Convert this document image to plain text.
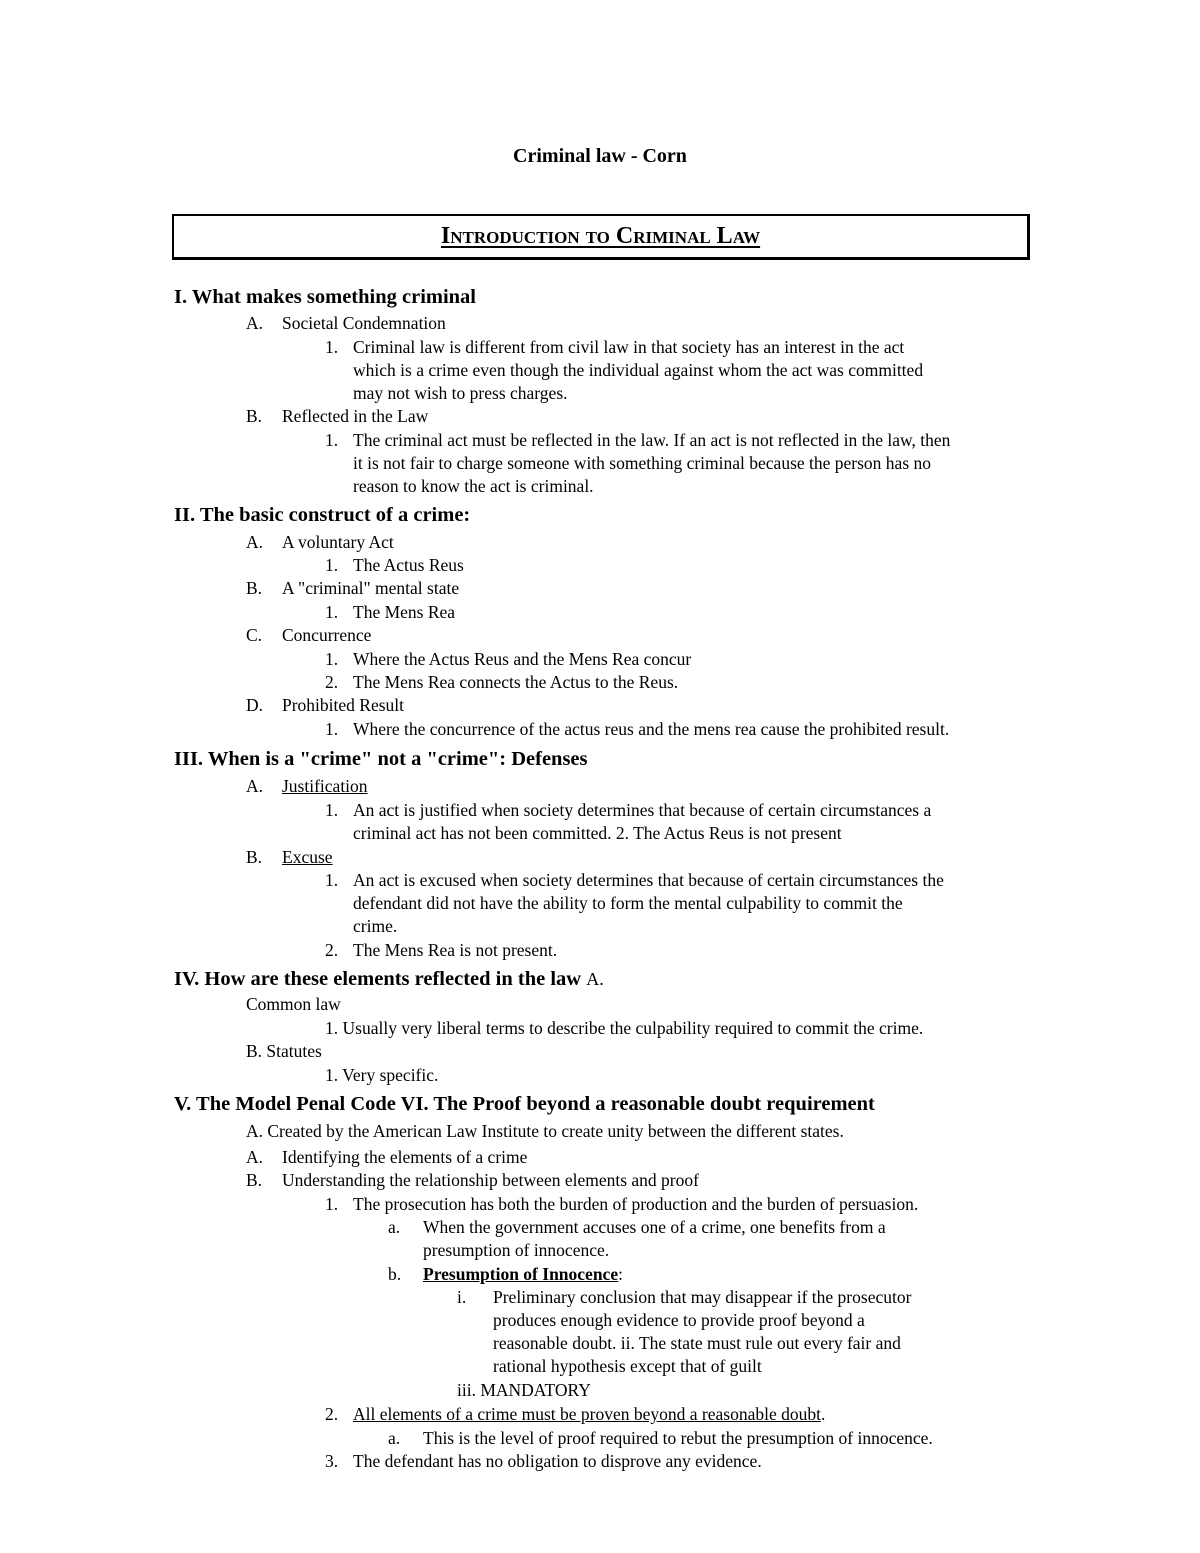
Criminal law - Corn
Introduction to Criminal Law
I. What makes something criminal
A. Societal Condemnation
1. Criminal law is different from civil law in that society has an interest in the act
which is a crime even though the individual against whom the act was committed
may not wish to press charges.
B. Reflected in the Law
1. The criminal act must be reflected in the law. If an act is not reflected in the law, then
it is not fair to charge someone with something criminal because the person has no
reason to know the act is criminal.
II. The basic construct of a crime:
A. A voluntary Act
1. The Actus Reus
B. A "criminal" mental state
1. The Mens Rea
C. Concurrence
1. Where the Actus Reus and the Mens Rea concur
2. The Mens Rea connects the Actus to the Reus.
D. Prohibited Result
1. Where the concurrence of the actus reus and the mens rea cause the prohibited result.
III. When is a "crime" not a "crime": Defenses
A. Justification
1. An act is justified when society determines that because of certain circumstances a
criminal act has not been committed. 2. The Actus Reus is not present
B. Excuse
1. An act is excused when society determines that because of certain circumstances the
defendant did not have the ability to form the mental culpability to commit the
crime.
2. The Mens Rea is not present.
IV. How are these elements reflected in the law A.
Common law
1. Usually very liberal terms to describe the culpability required to commit the crime.
B. Statutes
1. Very specific.
V. The Model Penal Code VI. The Proof beyond a reasonable doubt requirement
A. Created by the American Law Institute to create unity between the different states.
A. Identifying the elements of a crime
B. Understanding the relationship between elements and proof
1. The prosecution has both the burden of production and the burden of persuasion.
a. When the government accuses one of a crime, one benefits from a
presumption of innocence.
b. Presumption of Innocence:
i. Preliminary conclusion that may disappear if the prosecutor
produces enough evidence to provide proof beyond a
reasonable doubt. ii. The state must rule out every fair and
rational hypothesis except that of guilt
iii. MANDATORY
2. All elements of a crime must be proven beyond a reasonable doubt.
a. This is the level of proof required to rebut the presumption of innocence.
3. The defendant has no obligation to disprove any evidence.
